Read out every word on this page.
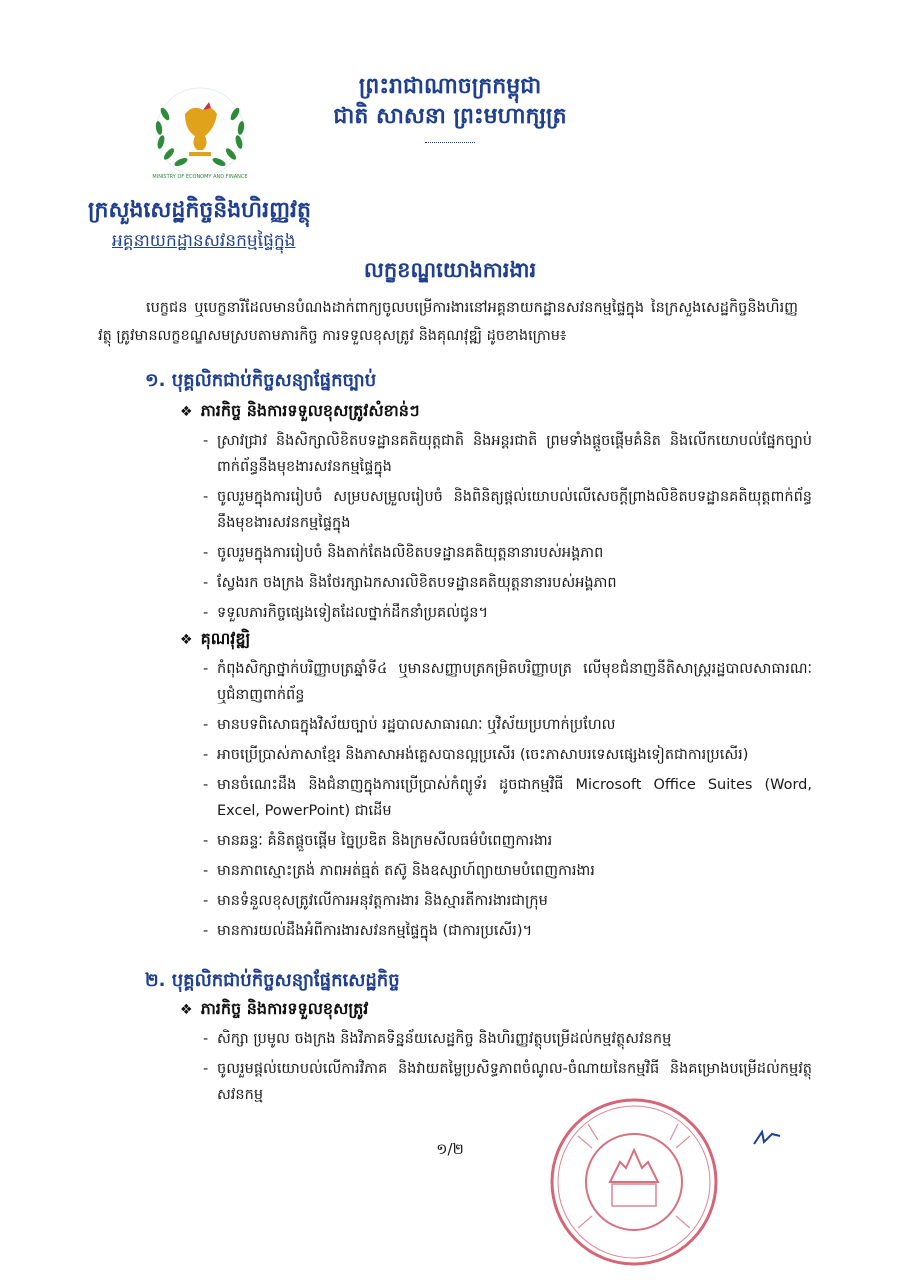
MINISTRY OF ECONOMY AND FINANCE
ព្រះរាជាណាចក្រកម្ពុជា
ជាតិ សាសនា ព្រះមហាក្សត្រ
ក្រសួងសេដ្ឋកិច្ចនិងហិរញ្ញវត្ថុ
អគ្គនាយកដ្ឋានសវនកម្មផ្ទៃក្នុង
លក្ខខណ្ឌយោងការងារ
បេក្ខជន ឬបេក្ខនារីដែលមានបំណងដាក់ពាក្យចូលបម្រើការងារនៅអគ្គនាយកដ្ឋានសវនកម្មផ្ទៃក្នុង នៃក្រសួងសេដ្ឋកិច្ចនិងហិរញ្ញវត្ថុ ត្រូវមានលក្ខខណ្ឌសមស្របតាមភារកិច្ច ការទទួលខុសត្រូវ និងគុណវុឌ្ឍិ ដូចខាងក្រោម៖
១. បុគ្គលិកជាប់កិច្ចសន្យាផ្នែកច្បាប់
❖ ភារកិច្ច និងការទទួលខុសត្រូវសំខាន់ៗ
- ស្រាវជ្រាវ និងសិក្សាលិខិតបទដ្ឋានគតិយុត្តជាតិ និងអន្តរជាតិ ព្រមទាំងផ្តួចផ្តើមគំនិត និងលើកយោបល់ផ្នែកច្បាប់ពាក់ព័ន្ធនឹងមុខងារសវនកម្មផ្ទៃក្នុង
- ចូលរួមក្នុងការរៀបចំ សម្របសម្រួលរៀបចំ និងពិនិត្យផ្តល់យោបល់លើសេចក្តីព្រាងលិខិតបទដ្ឋានគតិយុត្តពាក់ព័ន្ធនឹងមុខងារសវនកម្មផ្ទៃក្នុង
- ចូលរួមក្នុងការរៀបចំ និងតាក់តែងលិខិតបទដ្ឋានគតិយុត្តនានារបស់អង្គភាព
- ស្វែងរក ចងក្រង និងថែរក្សាឯកសារលិខិតបទដ្ឋានគតិយុត្តនានារបស់អង្គភាព
- ទទួលភារកិច្ចផ្សេងទៀតដែលថ្នាក់ដឹកនាំប្រគល់ជូន។
❖ គុណវុឌ្ឍិ
- កំពុងសិក្សាថ្នាក់បរិញ្ញាបត្រឆ្នាំទី៤ ឬមានសញ្ញាបត្រកម្រិតបរិញ្ញាបត្រ លើមុខជំនាញនីតិសាស្ត្ររដ្ឋបាលសាធារណៈ ឬជំនាញពាក់ព័ន្ធ
- មានបទពិសោធក្នុងវិស័យច្បាប់ រដ្ឋបាលសាធារណៈ ឬវិស័យប្រហាក់ប្រហែល
- អាចប្រើប្រាស់ភាសាខ្មែរ និងភាសាអង់គ្លេសបានល្អប្រសើរ (ចេះភាសាបរទេសផ្សេងទៀតជាការប្រសើរ)
- មានចំណេះដឹង និងជំនាញក្នុងការប្រើប្រាស់កំព្យូទ័រ ដូចជាកម្មវិធី Microsoft Office Suites (Word, Excel, PowerPoint) ជាដើម
- មានឆន្ទៈ គំនិតផ្តួចផ្តើម ច្នៃប្រឌិត និងក្រមសីលធម៌បំពេញការងារ
- មានភាពស្មោះត្រង់ ភាពអត់ធ្មត់ តស៊ូ និងឧស្សាហ៍ព្យាយាមបំពេញការងារ
- មានទំនួលខុសត្រូវលើការអនុវត្តការងារ និងស្មារតីការងារជាក្រុម
- មានការយល់ដឹងអំពីការងារសវនកម្មផ្ទៃក្នុង (ជាការប្រសើរ)។
២. បុគ្គលិកជាប់កិច្ចសន្យាផ្នែកសេដ្ឋកិច្ច
❖ ភារកិច្ច និងការទទួលខុសត្រូវ
- សិក្សា ប្រមូល ចងក្រង និងវិភាគទិន្នន័យសេដ្ឋកិច្ច និងហិរញ្ញវត្ថុបម្រើដល់កម្មវត្ថុសវនកម្ម
- ចូលរួមផ្តល់យោបល់លើការវិភាគ និងវាយតម្លៃប្រសិទ្ធភាពចំណូល-ចំណាយនៃកម្មវិធី និងគម្រោងបម្រើដល់កម្មវត្ថុសវនកម្ម
១/២
